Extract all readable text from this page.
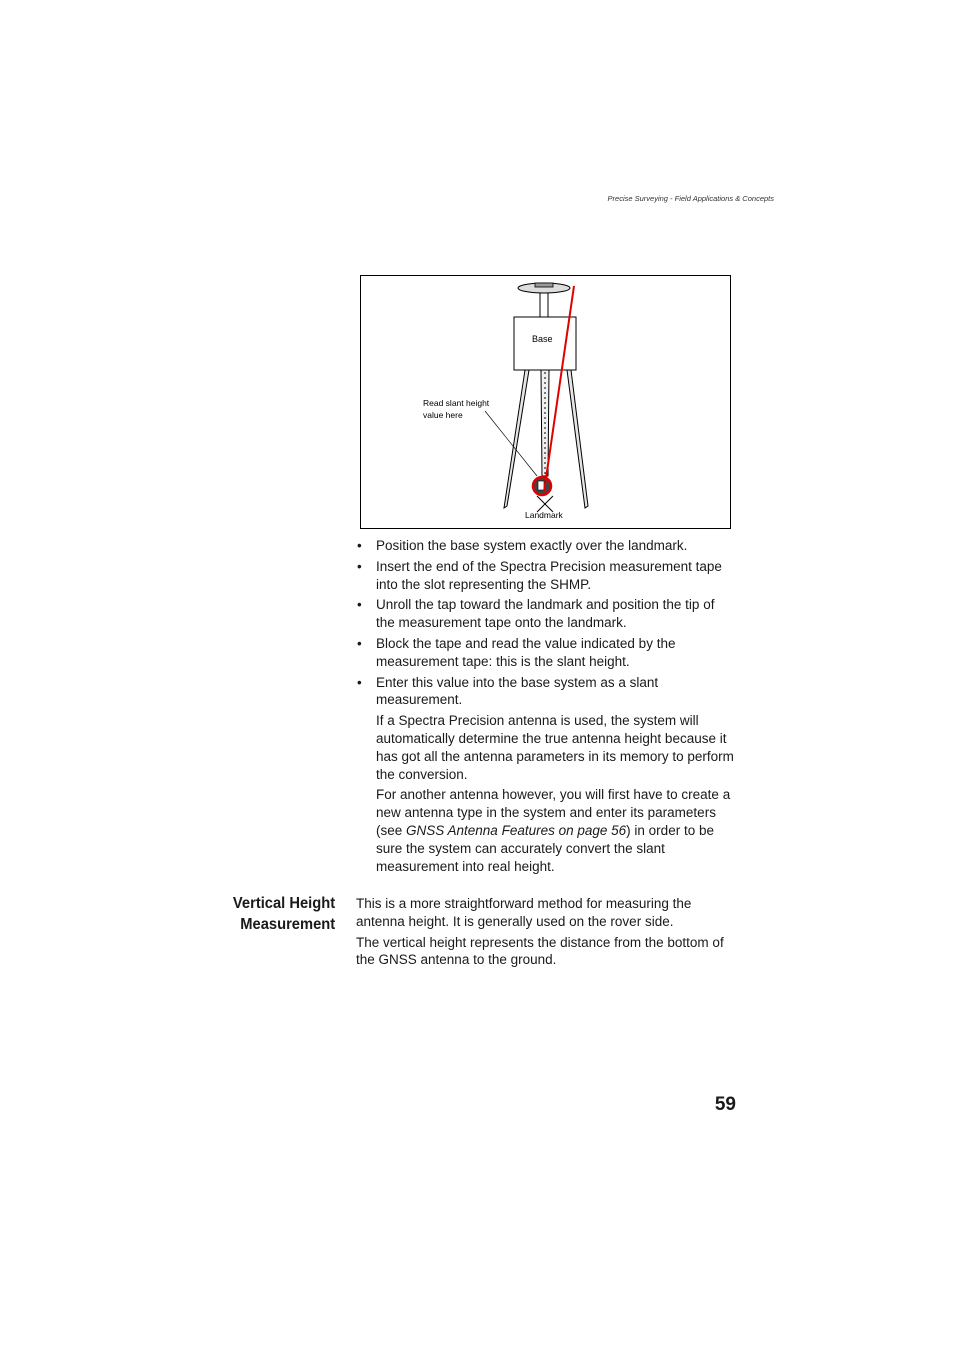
Precise Surveying - Field Applications & Concepts
Base
Read slant height
value here
Landmark
• Position the base system exactly over the landmark.
• Insert the end of the Spectra Precision measurement tape into the slot representing the SHMP.
• Unroll the tap toward the landmark and position the tip of the measurement tape onto the landmark.
• Block the tape and read the value indicated by the measurement tape: this is the slant height.
• Enter this value into the base system as a slant measurement.

If a Spectra Precision antenna is used, the system will automatically determine the true antenna height because it has got all the antenna parameters in its memory to perform the conversion.

For another antenna however, you will first have to create a new antenna type in the system and enter its parameters (see GNSS Antenna Features on page 56) in order to be sure the system can accurately convert the slant measurement into real height.

Vertical Height
Measurement

This is a more straightforward method for measuring the antenna height. It is generally used on the rover side.

The vertical height represents the distance from the bottom of the GNSS antenna to the ground.

59
